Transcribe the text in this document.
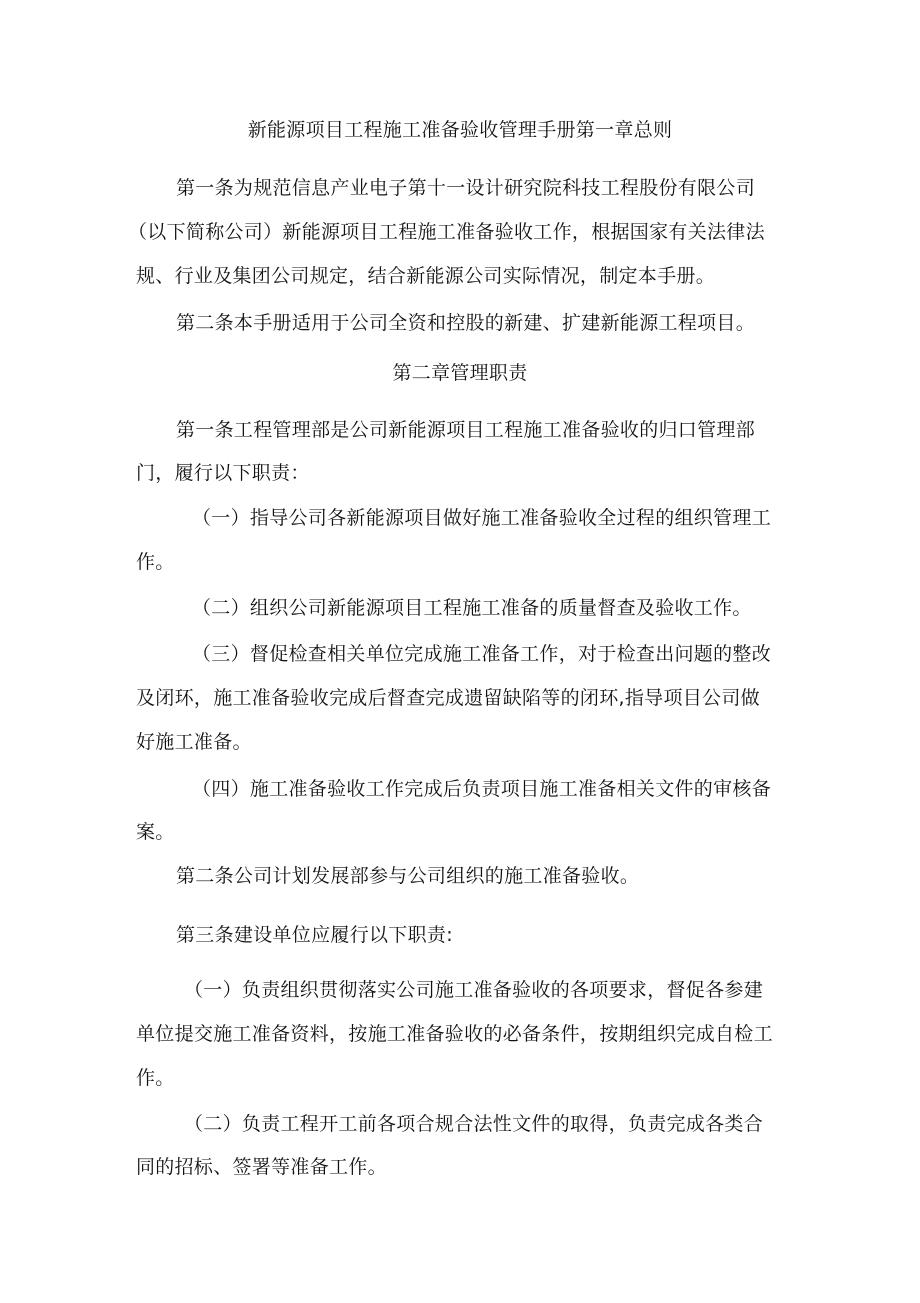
新能源项目工程施工准备验收管理手册第一章总则
第一条为规范信息产业电子第十一设计研究院科技工程股份有限公司
（以下简称公司）新能源项目工程施工准备验收工作，根据国家有关法律法
规、行业及集团公司规定，结合新能源公司实际情况，制定本手册。
第二条本手册适用于公司全资和控股的新建、扩建新能源工程项目。
第二章管理职责
第一条工程管理部是公司新能源项目工程施工准备验收的归口管理部
门，履行以下职责：
（一）指导公司各新能源项目做好施工准备验收全过程的组织管理工
作。
（二）组织公司新能源项目工程施工准备的质量督查及验收工作。
（三）督促检查相关单位完成施工准备工作，对于检查出问题的整改
及闭环，施工准备验收完成后督查完成遗留缺陷等的闭环,指导项目公司做
好施工准备。
（四）施工准备验收工作完成后负责项目施工准备相关文件的审核备
案。
第二条公司计划发展部参与公司组织的施工准备验收。
第三条建设单位应履行以下职责:
（一）负责组织贯彻落实公司施工准备验收的各项要求，督促各参建
单位提交施工准备资料，按施工准备验收的必备条件，按期组织完成自检工
作。
（二）负责工程开工前各项合规合法性文件的取得，负责完成各类合
同的招标、签署等准备工作。
